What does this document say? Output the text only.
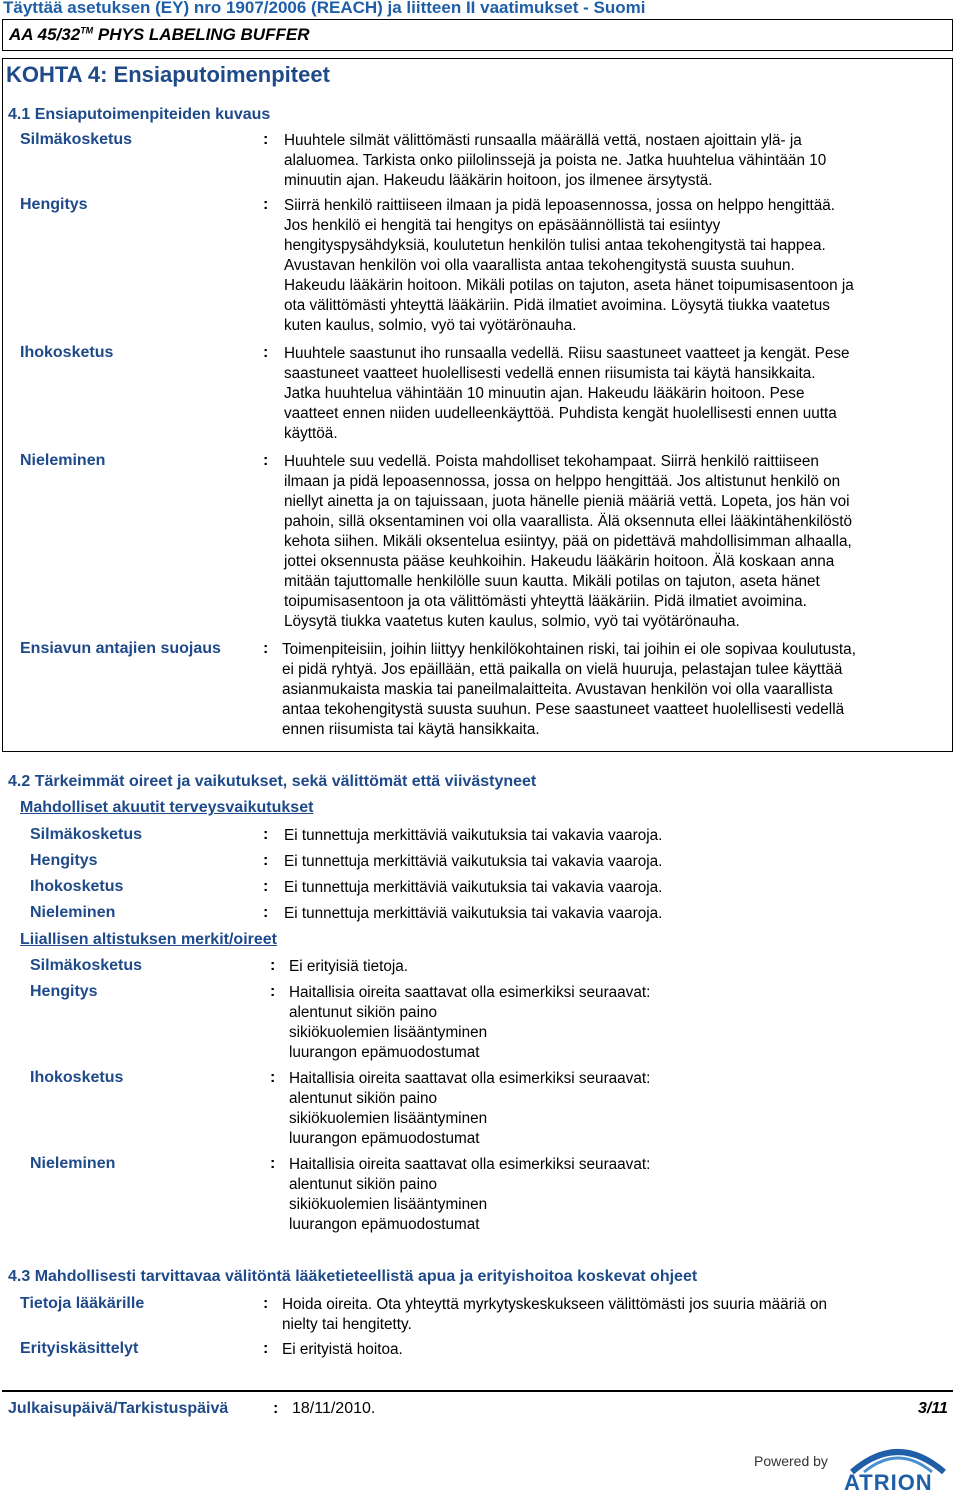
Täyttää asetuksen (EY) nro 1907/2006 (REACH) ja liitteen II vaatimukset - Suomi
AA 45/32™ PHYS LABELING BUFFER
KOHTA 4: Ensiaputoimenpiteet
4.1 Ensiaputoimenpiteiden kuvaus
Silmäkosketus	: Huuhtele silmät välittömästi runsaalla määrällä vettä, nostaen ajoittain ylä- ja
alaluomea. Tarkista onko piilolinssejä ja poista ne. Jatka huuhtelua vähintään 10
minuutin ajan. Hakeudu lääkärin hoitoon, jos ilmenee ärsytystä.
Hengitys	: Siirrä henkilö raittiiseen ilmaan ja pidä lepoasennossa, jossa on helppo hengittää.
Jos henkilö ei hengitä tai hengitys on epäsäännöllistä tai esiintyy
hengityspysähdyksiä, koulutetun henkilön tulisi antaa tekohengitystä tai happea.
Avustavan henkilön voi olla vaarallista antaa tekohengitystä suusta suuhun.
Hakeudu lääkärin hoitoon. Mikäli potilas on tajuton, aseta hänet toipumisasentoon ja
ota välittömästi yhteyttä lääkäriin. Pidä ilmatiet avoimina. Löysytä tiukka vaatetus
kuten kaulus, solmio, vyö tai vyötärönauha.
Ihokosketus	: Huuhtele saastunut iho runsaalla vedellä. Riisu saastuneet vaatteet ja kengät. Pese
saastuneet vaatteet huolellisesti vedellä ennen riisumista tai käytä hansikkaita.
Jatka huuhtelua vähintään 10 minuutin ajan. Hakeudu lääkärin hoitoon. Pese
vaatteet ennen niiden uudelleenkäyttöä. Puhdista kengät huolellisesti ennen uutta
käyttöä.
Nieleminen	: Huuhtele suu vedellä. Poista mahdolliset tekohampaat. Siirrä henkilö raittiiseen
ilmaan ja pidä lepoasennossa, jossa on helppo hengittää. Jos altistunut henkilö on
niellyt ainetta ja on tajuissaan, juota hänelle pieniä määriä vettä. Lopeta, jos hän voi
pahoin, sillä oksentaminen voi olla vaarallista. Älä oksennuta ellei lääkintähenkilöstö
kehota siihen. Mikäli oksentelua esiintyy, pää on pidettävä mahdollisimman alhaalla,
jottei oksennusta pääse keuhkoihin. Hakeudu lääkärin hoitoon. Älä koskaan anna
mitään tajuttomalle henkilölle suun kautta. Mikäli potilas on tajuton, aseta hänet
toipumisasentoon ja ota välittömästi yhteyttä lääkäriin. Pidä ilmatiet avoimina.
Löysytä tiukka vaatetus kuten kaulus, solmio, vyö tai vyötärönauha.
Ensiavun antajien suojaus	: Toimenpiteisiin, joihin liittyy henkilökohtainen riski, tai joihin ei ole sopivaa koulutusta,
ei pidä ryhtyä. Jos epäillään, että paikalla on vielä huuruja, pelastajan tulee käyttää
asianmukaista maskia tai paneilmalaitteita. Avustavan henkilön voi olla vaarallista
antaa tekohengitystä suusta suuhun. Pese saastuneet vaatteet huolellisesti vedellä
ennen riisumista tai käytä hansikkaita.
4.2 Tärkeimmät oireet ja vaikutukset, sekä välittömät että viivästyneet
Mahdolliset akuutit terveysvaikutukset
Silmäkosketus	: Ei tunnettuja merkittäviä vaikutuksia tai vakavia vaaroja.
Hengitys	: Ei tunnettuja merkittäviä vaikutuksia tai vakavia vaaroja.
Ihokosketus	: Ei tunnettuja merkittäviä vaikutuksia tai vakavia vaaroja.
Nieleminen	: Ei tunnettuja merkittäviä vaikutuksia tai vakavia vaaroja.
Liiallisen altistuksen merkit/oireet
Silmäkosketus	: Ei erityisiä tietoja.
Hengitys	: Haitallisia oireita saattavat olla esimerkiksi seuraavat:
alentunut sikiön paino
sikiökuolemien lisääntyminen
luurangon epämuodostumat
Ihokosketus	: Haitallisia oireita saattavat olla esimerkiksi seuraavat:
alentunut sikiön paino
sikiökuolemien lisääntyminen
luurangon epämuodostumat
Nieleminen	: Haitallisia oireita saattavat olla esimerkiksi seuraavat:
alentunut sikiön paino
sikiökuolemien lisääntyminen
luurangon epämuodostumat
4.3 Mahdollisesti tarvittavaa välitöntä lääketieteellistä apua ja erityishoitoa koskevat ohjeet
Tietoja lääkärille	: Hoida oireita. Ota yhteyttä myrkytyskeskukseen välittömästi jos suuria määriä on
nielty tai hengitetty.
Erityiskäsittelyt	: Ei erityistä hoitoa.
Julkaisupäivä/Tarkistuspäivä	: 18/11/2010.	3/11
Powered by
ATRION
